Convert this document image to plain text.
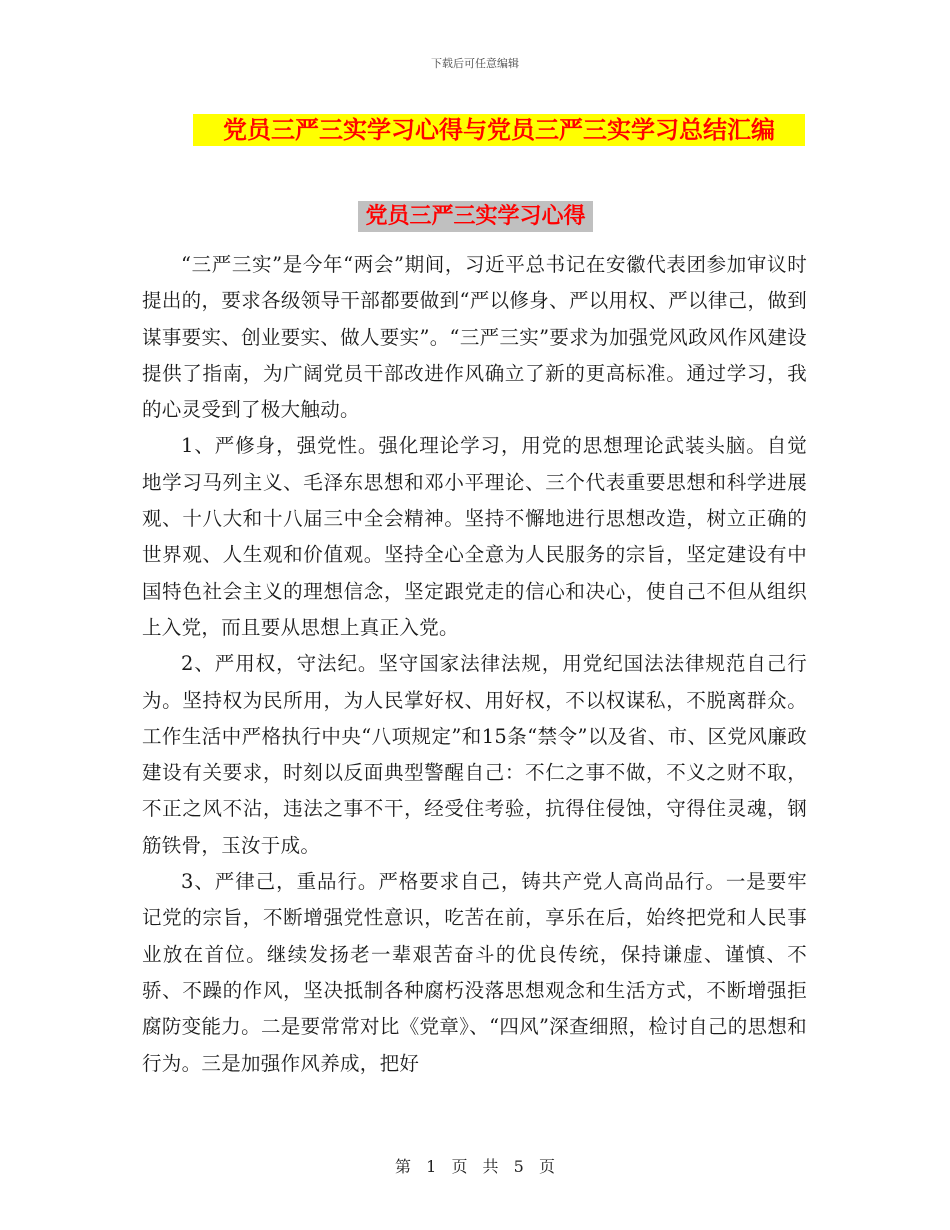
下载后可任意编辑
党员三严三实学习心得与党员三严三实学习总结汇编
党员三严三实学习心得

“三严三实”是今年“两会”期间，习近平总书记在安徽代表团参加审议时提出的，要求各级领导干部都要做到“严以修身、严以用权、严以律己，做到谋事要实、创业要实、做人要实”。“三严三实”要求为加强党风政风作风建设提供了指南，为广阔党员干部改进作风确立了新的更高标准。通过学习，我的心灵受到了极大触动。

1、严修身，强党性。强化理论学习，用党的思想理论武装头脑。自觉地学习马列主义、毛泽东思想和邓小平理论、三个代表重要思想和科学进展观、十八大和十八届三中全会精神。坚持不懈地进行思想改造，树立正确的世界观、人生观和价值观。坚持全心全意为人民服务的宗旨，坚定建设有中国特色社会主义的理想信念，坚定跟党走的信心和决心，使自己不但从组织上入党，而且要从思想上真正入党。

2、严用权，守法纪。坚守国家法律法规，用党纪国法法律规范自己行为。坚持权为民所用，为人民掌好权、用好权，不以权谋私，不脱离群众。工作生活中严格执行中央“八项规定”和15条“禁令”以及省、市、区党风廉政建设有关要求，时刻以反面典型警醒自己：不仁之事不做，不义之财不取，不正之风不沾，违法之事不干，经受住考验，抗得住侵蚀，守得住灵魂，钢筋铁骨，玉汝于成。

3、严律己，重品行。严格要求自己，铸共产党人高尚品行。一是要牢记党的宗旨，不断增强党性意识，吃苦在前，享乐在后，始终把党和人民事业放在首位。继续发扬老一辈艰苦奋斗的优良传统，保持谦虚、谨慎、不骄、不躁的作风，坚决抵制各种腐朽没落思想观念和生活方式，不断增强拒腐防变能力。二是要常常对比《党章》、“四风”深查细照，检讨自己的思想和行为。三是加强作风养成，把好

第 1 页 共 5 页
